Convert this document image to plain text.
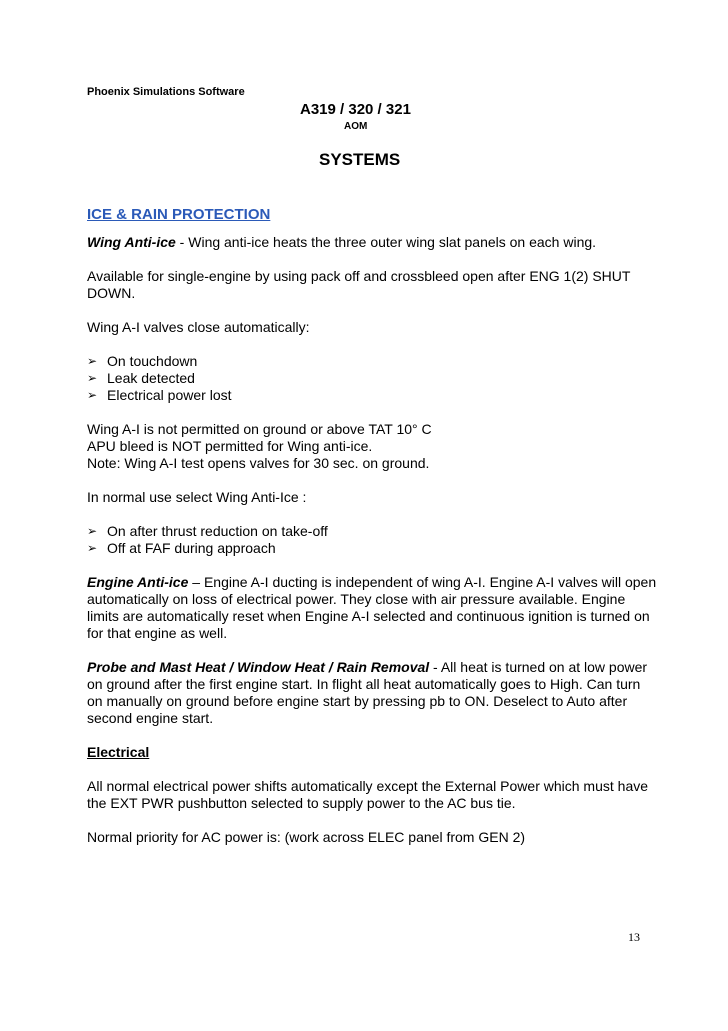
Phoenix Simulations Software
A319 / 320 / 321
AOM
SYSTEMS
ICE & RAIN PROTECTION

Wing Anti-ice - Wing anti-ice heats the three outer wing slat panels on each wing.

Available for single-engine by using pack off and crossbleed open after ENG 1(2) SHUT DOWN.

Wing A-I valves close automatically:

➢ On touchdown
➢ Leak detected
➢ Electrical power lost

Wing A-I is not permitted on ground or above TAT 10° C
APU bleed is NOT permitted for Wing anti-ice.
Note: Wing A-I test opens valves for 30 sec. on ground.

In normal use select Wing Anti-Ice :

➢ On after thrust reduction on take-off
➢ Off at FAF during approach

Engine Anti-ice – Engine A-I ducting is independent of wing A-I. Engine A-I valves will open automatically on loss of electrical power. They close with air pressure available. Engine limits are automatically reset when Engine A-I selected and continuous ignition is turned on for that engine as well.

Probe and Mast Heat / Window Heat / Rain Removal - All heat is turned on at low power on ground after the first engine start. In flight all heat automatically goes to High. Can turn on manually on ground before engine start by pressing pb to ON. Deselect to Auto after second engine start.

Electrical

All normal electrical power shifts automatically except the External Power which must have the EXT PWR pushbutton selected to supply power to the AC bus tie.

Normal priority for AC power is: (work across ELEC panel from GEN 2)

13
